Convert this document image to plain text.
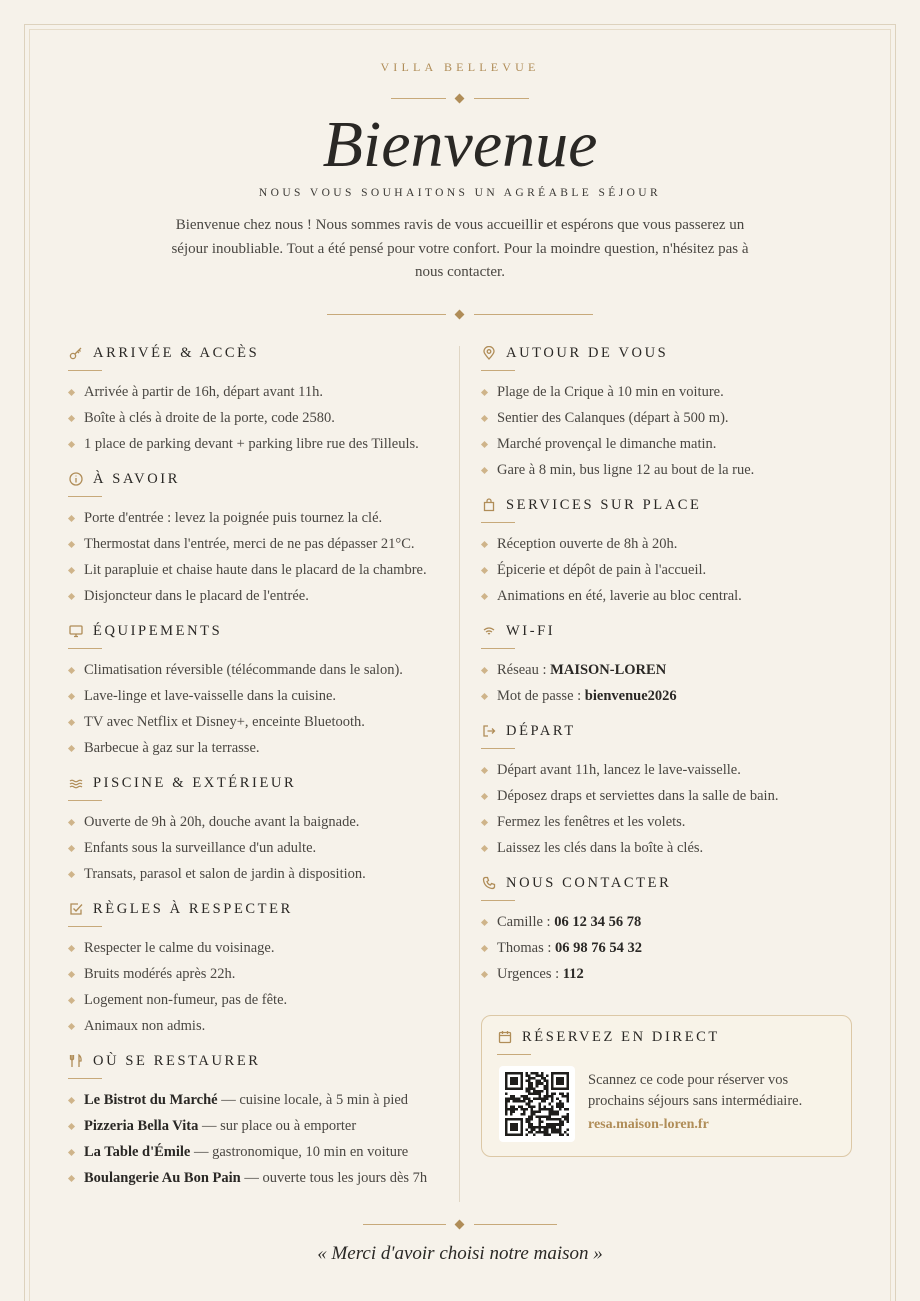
VILLA BELLEVUE
Bienvenue
NOUS VOUS SOUHAITONS UN AGRÉABLE SÉJOUR
Bienvenue chez nous ! Nous sommes ravis de vous accueillir et espérons que vous passerez un séjour inoubliable. Tout a été pensé pour votre confort. Pour la moindre question, n'hésitez pas à nous contacter.
ARRIVÉE & ACCÈS
Arrivée à partir de 16h, départ avant 11h.
Boîte à clés à droite de la porte, code 2580.
1 place de parking devant + parking libre rue des Tilleuls.
À SAVOIR
Porte d'entrée : levez la poignée puis tournez la clé.
Thermostat dans l'entrée, merci de ne pas dépasser 21°C.
Lit parapluie et chaise haute dans le placard de la chambre.
Disjoncteur dans le placard de l'entrée.
ÉQUIPEMENTS
Climatisation réversible (télécommande dans le salon).
Lave-linge et lave-vaisselle dans la cuisine.
TV avec Netflix et Disney+, enceinte Bluetooth.
Barbecue à gaz sur la terrasse.
PISCINE & EXTÉRIEUR
Ouverte de 9h à 20h, douche avant la baignade.
Enfants sous la surveillance d'un adulte.
Transats, parasol et salon de jardin à disposition.
RÈGLES À RESPECTER
Respecter le calme du voisinage.
Bruits modérés après 22h.
Logement non-fumeur, pas de fête.
Animaux non admis.
OÙ SE RESTAURER
Le Bistrot du Marché — cuisine locale, à 5 min à pied
Pizzeria Bella Vita — sur place ou à emporter
La Table d'Émile — gastronomique, 10 min en voiture
Boulangerie Au Bon Pain — ouverte tous les jours dès 7h
AUTOUR DE VOUS
Plage de la Crique à 10 min en voiture.
Sentier des Calanques (départ à 500 m).
Marché provençal le dimanche matin.
Gare à 8 min, bus ligne 12 au bout de la rue.
SERVICES SUR PLACE
Réception ouverte de 8h à 20h.
Épicerie et dépôt de pain à l'accueil.
Animations en été, laverie au bloc central.
WI-FI
Réseau : MAISON-LOREN
Mot de passe : bienvenue2026
DÉPART
Départ avant 11h, lancez le lave-vaisselle.
Déposez draps et serviettes dans la salle de bain.
Fermez les fenêtres et les volets.
Laissez les clés dans la boîte à clés.
NOUS CONTACTER
Camille : 06 12 34 56 78
Thomas : 06 98 76 54 32
Urgences : 112
RÉSERVEZ EN DIRECT
Scannez ce code pour réserver vos prochains séjours sans intermédiaire.
resa.maison-loren.fr
« Merci d'avoir choisi notre maison »
